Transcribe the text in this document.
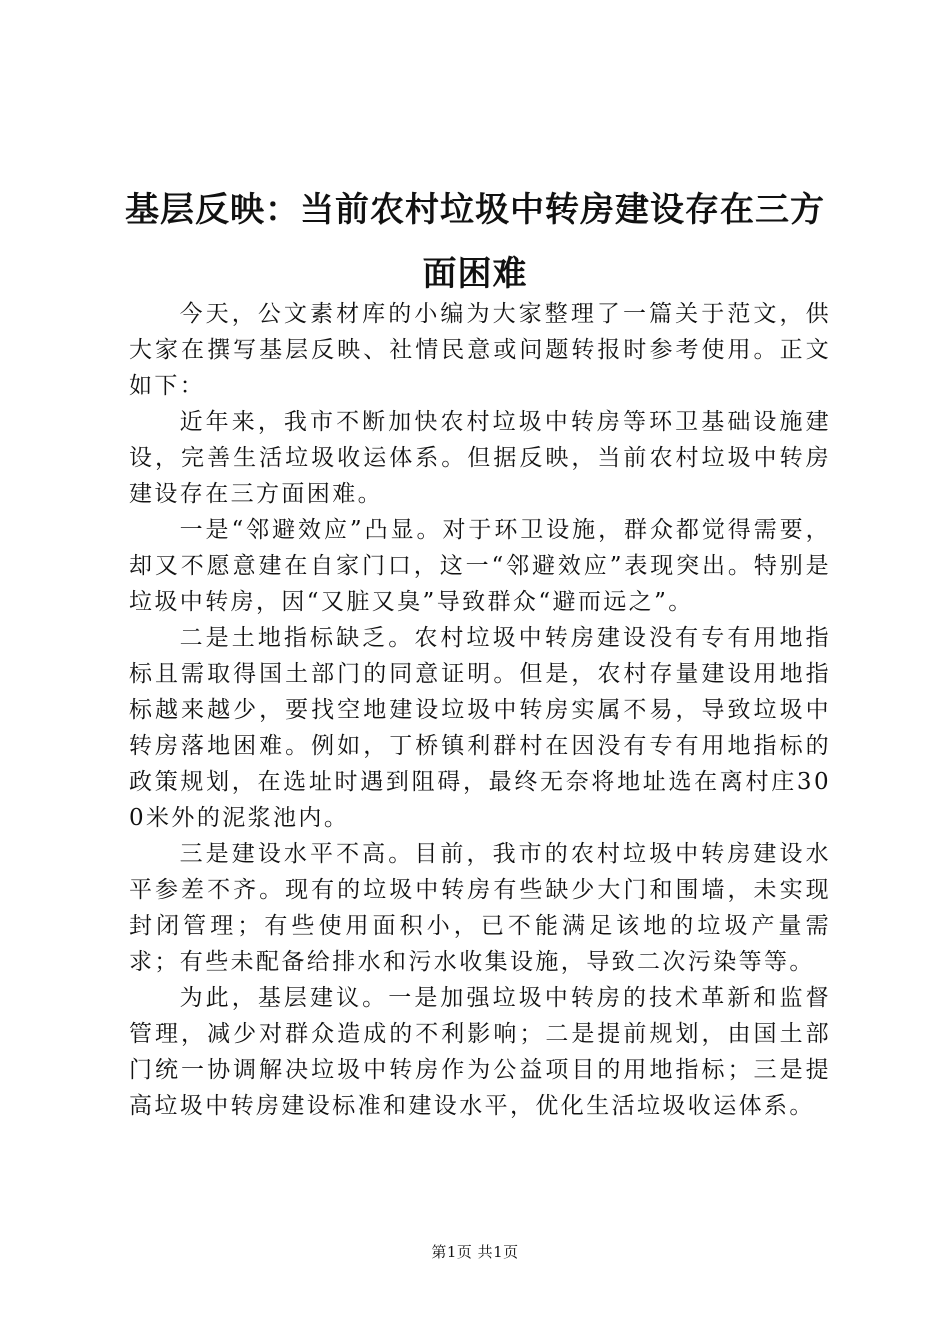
基层反映：当前农村垃圾中转房建设存在三方面困难

今天，公文素材库的小编为大家整理了一篇关于范文，供大家在撰写基层反映、社情民意或问题转报时参考使用。正文如下：

近年来，我市不断加快农村垃圾中转房等环卫基础设施建设，完善生活垃圾收运体系。但据反映，当前农村垃圾中转房建设存在三方面困难。

一是“邻避效应”凸显。对于环卫设施，群众都觉得需要，却又不愿意建在自家门口，这一“邻避效应”表现突出。特别是垃圾中转房，因“又脏又臭”导致群众“避而远之”。

二是土地指标缺乏。农村垃圾中转房建设没有专有用地指标且需取得国土部门的同意证明。但是，农村存量建设用地指标越来越少，要找空地建设垃圾中转房实属不易，导致垃圾中转房落地困难。例如，丁桥镇利群村在因没有专有用地指标的政策规划，在选址时遇到阻碍，最终无奈将地址选在离村庄300米外的泥浆池内。

三是建设水平不高。目前，我市的农村垃圾中转房建设水平参差不齐。现有的垃圾中转房有些缺少大门和围墙，未实现封闭管理；有些使用面积小，已不能满足该地的垃圾产量需求；有些未配备给排水和污水收集设施，导致二次污染等等。

为此，基层建议。一是加强垃圾中转房的技术革新和监督管理，减少对群众造成的不利影响；二是提前规划，由国土部门统一协调解决垃圾中转房作为公益项目的用地指标；三是提高垃圾中转房建设标准和建设水平，优化生活垃圾收运体系。

第1页 共1页
